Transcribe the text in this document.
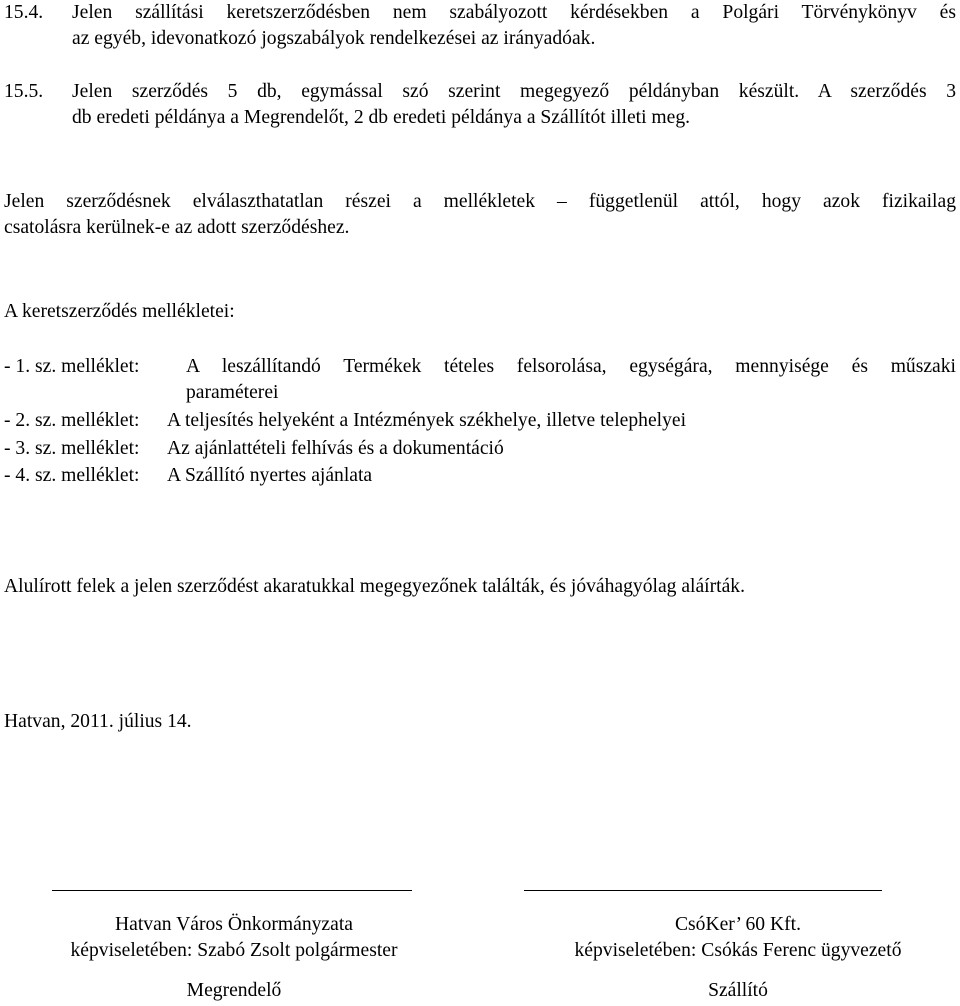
15.4. Jelen szállítási keretszerződésben nem szabályozott kérdésekben a Polgári Törvénykönyv és
az egyéb, idevonatkozó jogszabályok rendelkezései az irányadóak.
15.5. Jelen szerződés 5 db, egymással szó szerint megegyező példányban készült. A szerződés 3
db eredeti példánya a Megrendelőt, 2 db eredeti példánya a Szállítót illeti meg.
Jelen szerződésnek elválaszthatatlan részei a mellékletek – függetlenül attól, hogy azok fizikailag
csatolásra kerülnek-e az adott szerződéshez.
A keretszerződés mellékletei:
- 1. sz. melléklet: A leszállítandó Termékek tételes felsorolása, egységára, mennyisége és műszaki
paraméterei
- 2. sz. melléklet: A teljesítés helyeként a Intézmények székhelye, illetve telephelyei
- 3. sz. melléklet: Az ajánlattételi felhívás és a dokumentáció
- 4. sz. melléklet: A Szállító nyertes ajánlata
Alulírott felek a jelen szerződést akaratukkal megegyezőnek találták, és jóváhagyólag aláírták.
Hatvan, 2011. július 14.
Hatvan Város Önkormányzata
képviseletében: Szabó Zsolt polgármester
Megrendelő
CsóKer’ 60 Kft.
képviseletében: Csókás Ferenc ügyvezető
Szállító
